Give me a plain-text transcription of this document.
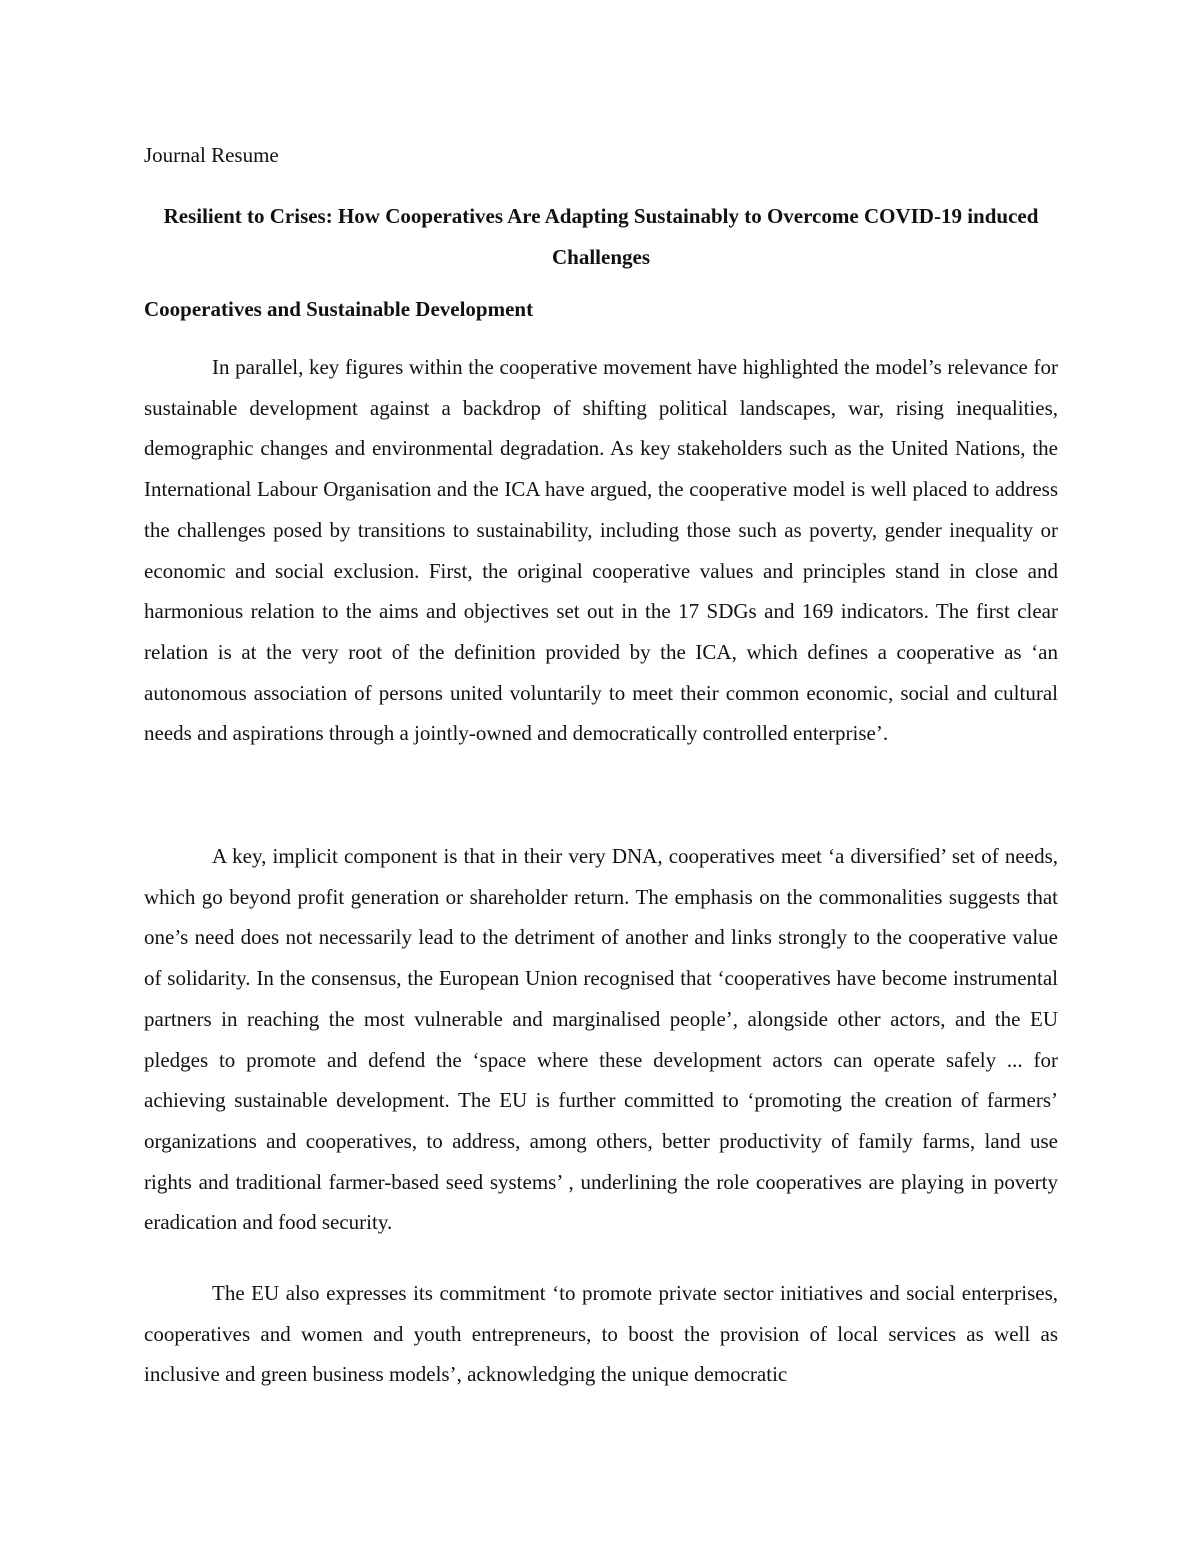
Journal Resume

Resilient to Crises: How Cooperatives Are Adapting Sustainably to Overcome COVID-19 induced Challenges
Cooperatives and Sustainable Development

In parallel, key figures within the cooperative movement have highlighted the model’s relevance for sustainable development against a backdrop of shifting political landscapes, war, rising inequalities, demographic changes and environmental degradation. As key stakeholders such as the United Nations, the International Labour Organisation and the ICA have argued, the cooperative model is well placed to address the challenges posed by transitions to sustainability, including those such as poverty, gender inequality or economic and social exclusion. First, the original cooperative values and principles stand in close and harmonious relation to the aims and objectives set out in the 17 SDGs and 169 indicators. The first clear relation is at the very root of the definition provided by the ICA, which defines a cooperative as ‘an autonomous association of persons united voluntarily to meet their common economic, social and cultural needs and aspirations through a jointly-owned and democratically controlled enterprise’.

A key, implicit component is that in their very DNA, cooperatives meet ‘a diversified’ set of needs, which go beyond profit generation or shareholder return. The emphasis on the commonalities suggests that one’s need does not necessarily lead to the detriment of another and links strongly to the cooperative value of solidarity. In the consensus, the European Union recognised that ‘cooperatives have become instrumental partners in reaching the most vulnerable and marginalised people’, alongside other actors, and the EU pledges to promote and defend the ‘space where these development actors can operate safely ... for achieving sustainable development. The EU is further committed to ‘promoting the creation of farmers’ organizations and cooperatives, to address, among others, better productivity of family farms, land use rights and traditional farmer-based seed systems’ , underlining the role cooperatives are playing in poverty eradication and food security.

The EU also expresses its commitment ‘to promote private sector initiatives and social enterprises, cooperatives and women and youth entrepreneurs, to boost the provision of local services as well as inclusive and green business models’, acknowledging the unique democratic
